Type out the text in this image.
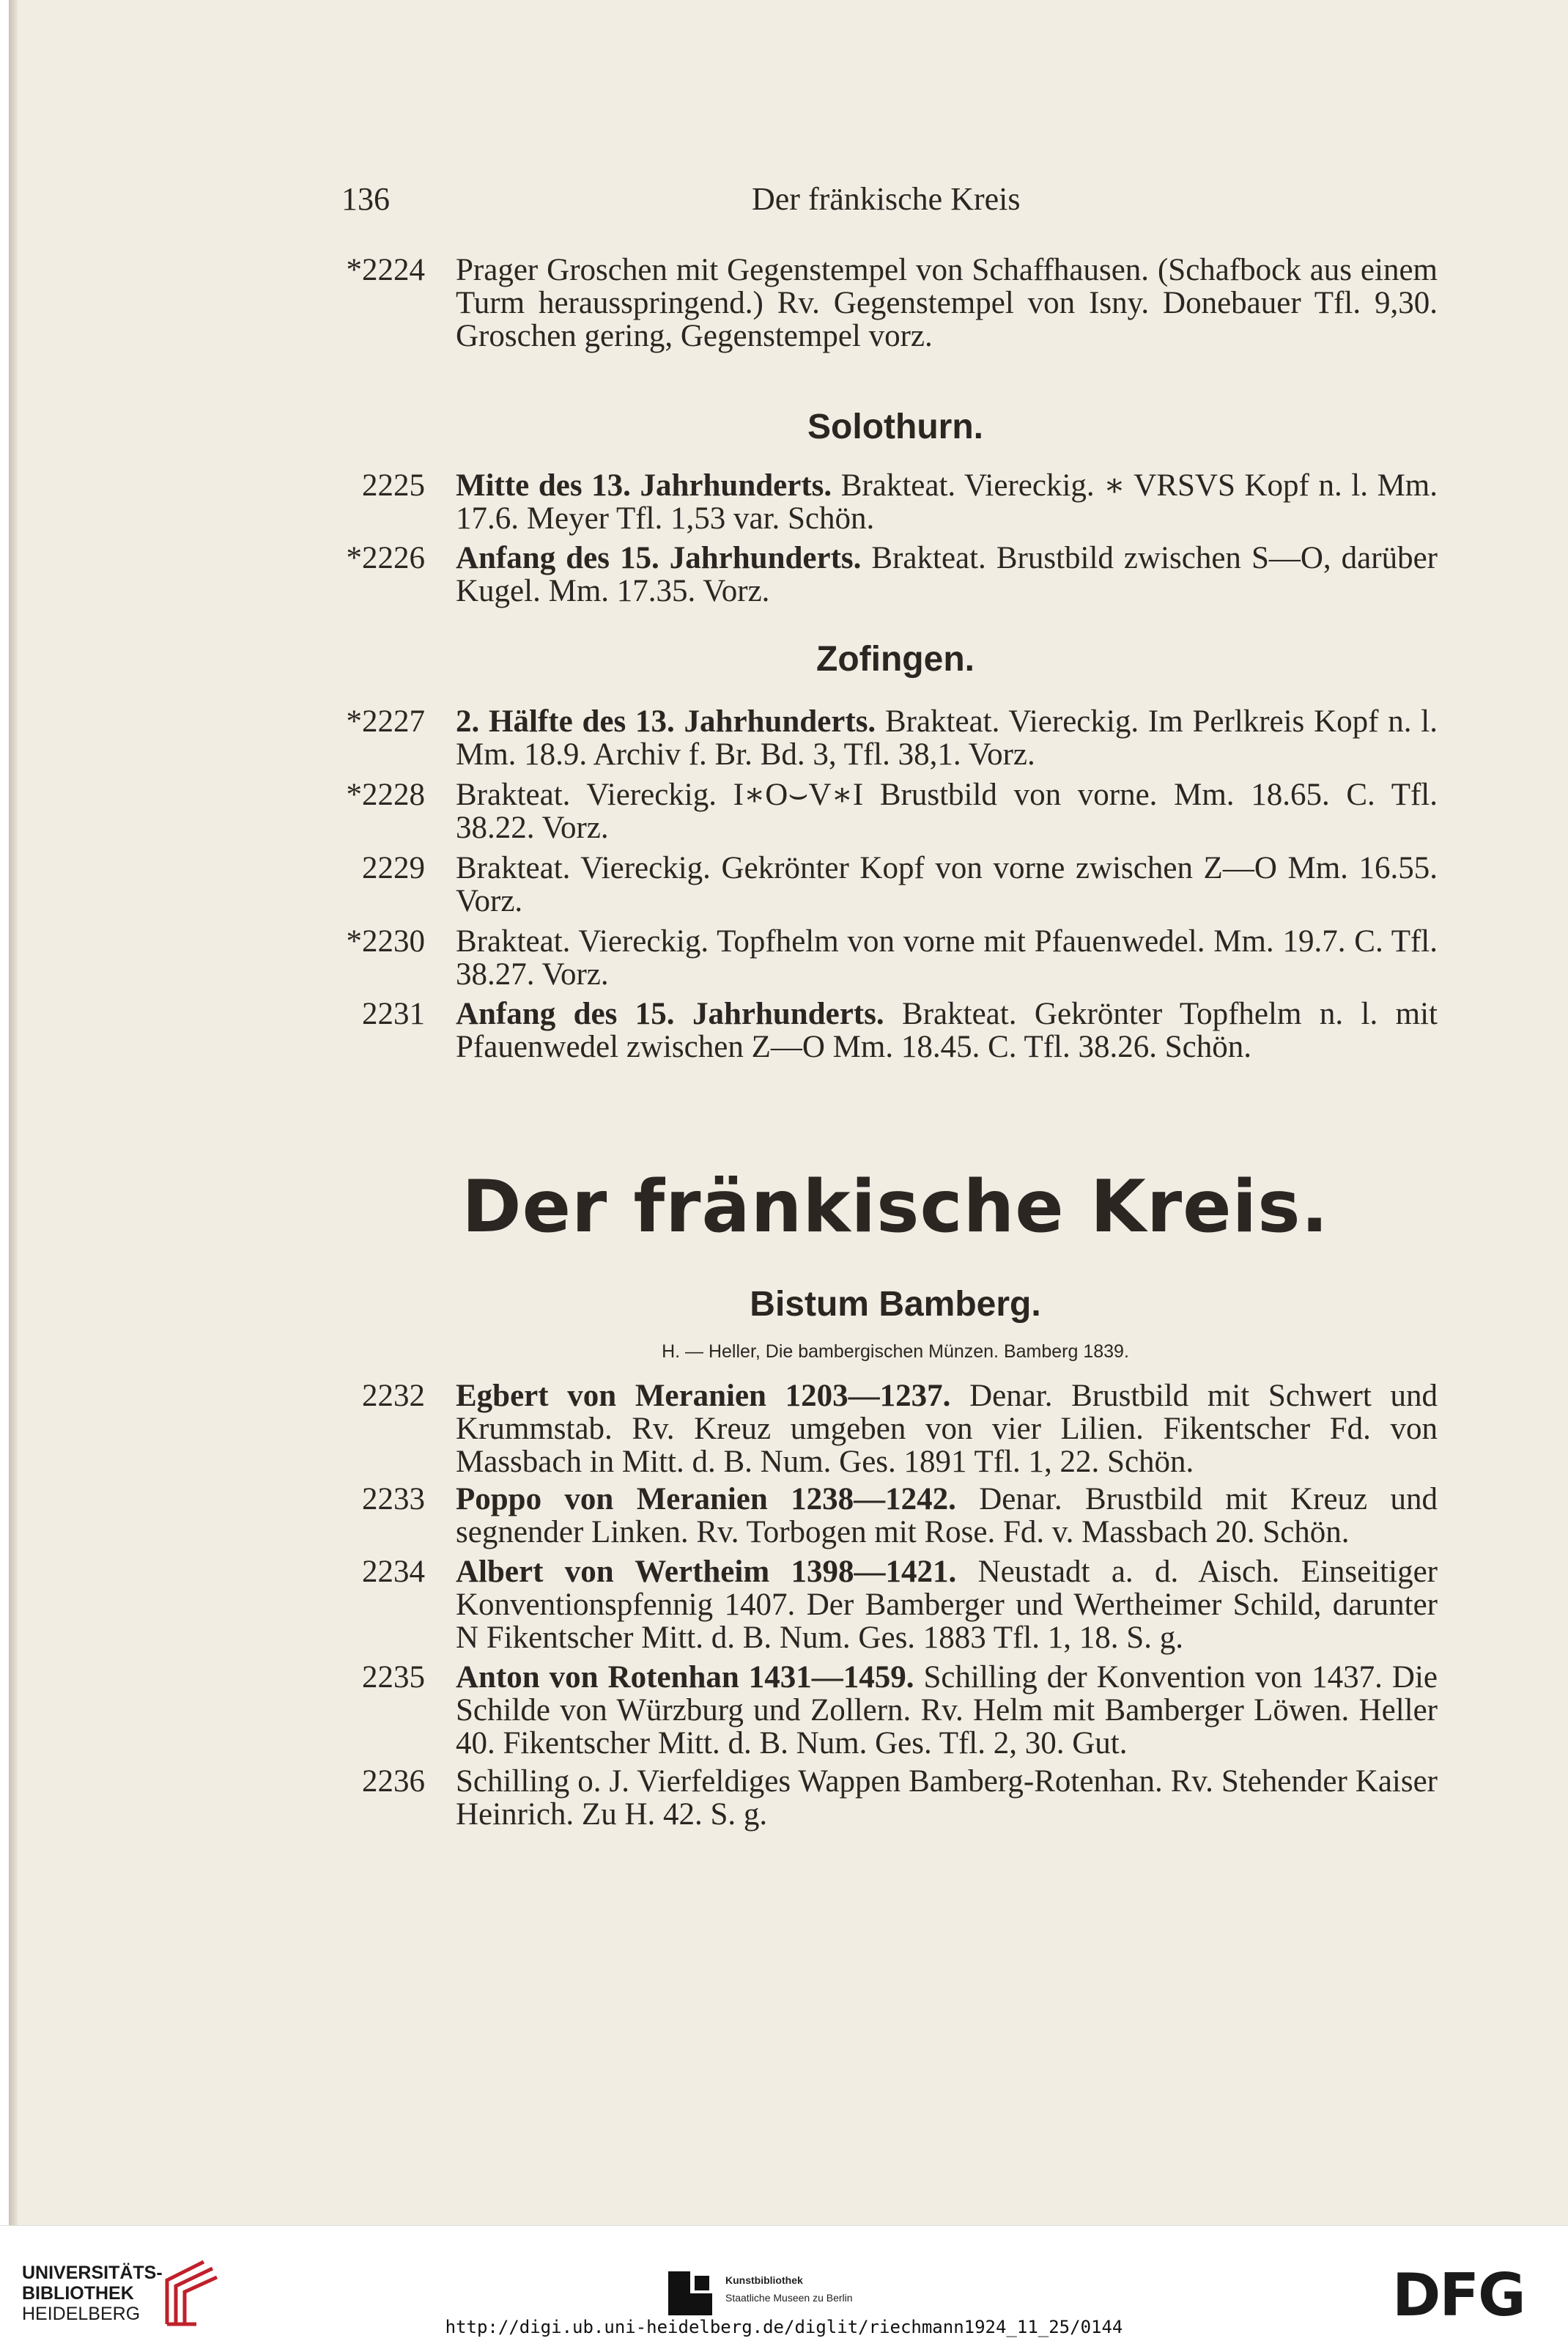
136	Der fränkische Kreis
*2224 Prager Groschen mit Gegenstempel von Schaffhausen. (Schafbock aus einem Turm herausspringend.) Rv. Gegenstempel von Isny. Donebauer Tfl. 9,30. Groschen gering, Gegenstempel vorz.
Solothurn.
2225 Mitte des 13. Jahrhunderts. Brakteat. Viereckig. ∗ VRSVS Kopf n. l. Mm. 17.6. Meyer Tfl. 1,53 var. Schön.
*2226 Anfang des 15. Jahrhunderts. Brakteat. Brustbild zwischen S—O, darüber Kugel. Mm. 17.35. Vorz.
Zofingen.
*2227 2. Hälfte des 13. Jahrhunderts. Brakteat. Viereckig. Im Perlkreis Kopf n. l. Mm. 18.9. Archiv f. Br. Bd. 3, Tfl. 38,1. Vorz.
*2228 Brakteat. Viereckig. I∗O⌣V∗I Brustbild von vorne. Mm. 18.65. C. Tfl. 38.22. Vorz.
2229 Brakteat. Viereckig. Gekrönter Kopf von vorne zwischen Z—O Mm. 16.55. Vorz.
*2230 Brakteat. Viereckig. Topfhelm von vorne mit Pfauenwedel. Mm. 19.7. C. Tfl. 38.27. Vorz.
2231 Anfang des 15. Jahrhunderts. Brakteat. Gekrönter Topfhelm n. l. mit Pfauenwedel zwischen Z—O Mm. 18.45. C. Tfl. 38.26. Schön.
Der fränkische Kreis.
Bistum Bamberg.
H. — Heller, Die bambergischen Münzen. Bamberg 1839.
2232 Egbert von Meranien 1203—1237. Denar. Brustbild mit Schwert und Krummstab. Rv. Kreuz umgeben von vier Lilien. Fikentscher Fd. von Massbach in Mitt. d. B. Num. Ges. 1891 Tfl. 1, 22. Schön.
2233 Poppo von Meranien 1238—1242. Denar. Brustbild mit Kreuz und segnender Linken. Rv. Torbogen mit Rose. Fd. v. Massbach 20. Schön.
2234 Albert von Wertheim 1398—1421. Neustadt a. d. Aisch. Einseitiger Konventionspfennig 1407. Der Bamberger und Wertheimer Schild, darunter N Fikentscher Mitt. d. B. Num. Ges. 1883 Tfl. 1, 18. S. g.
2235 Anton von Rotenhan 1431—1459. Schilling der Konvention von 1437. Die Schilde von Würzburg und Zollern. Rv. Helm mit Bamberger Löwen. Heller 40. Fikentscher Mitt. d. B. Num. Ges. Tfl. 2, 30. Gut.
2236 Schilling o. J. Vierfeldiges Wappen Bamberg-Rotenhan. Rv. Stehender Kaiser Heinrich. Zu H. 42. S. g.
UNIVERSITÄTS-
BIBLIOTHEK
HEIDELBERG
Kunstbibliothek
Staatliche Museen zu Berlin	DFG
http://digi.ub.uni-heidelberg.de/diglit/riechmann1924_11_25/0144
